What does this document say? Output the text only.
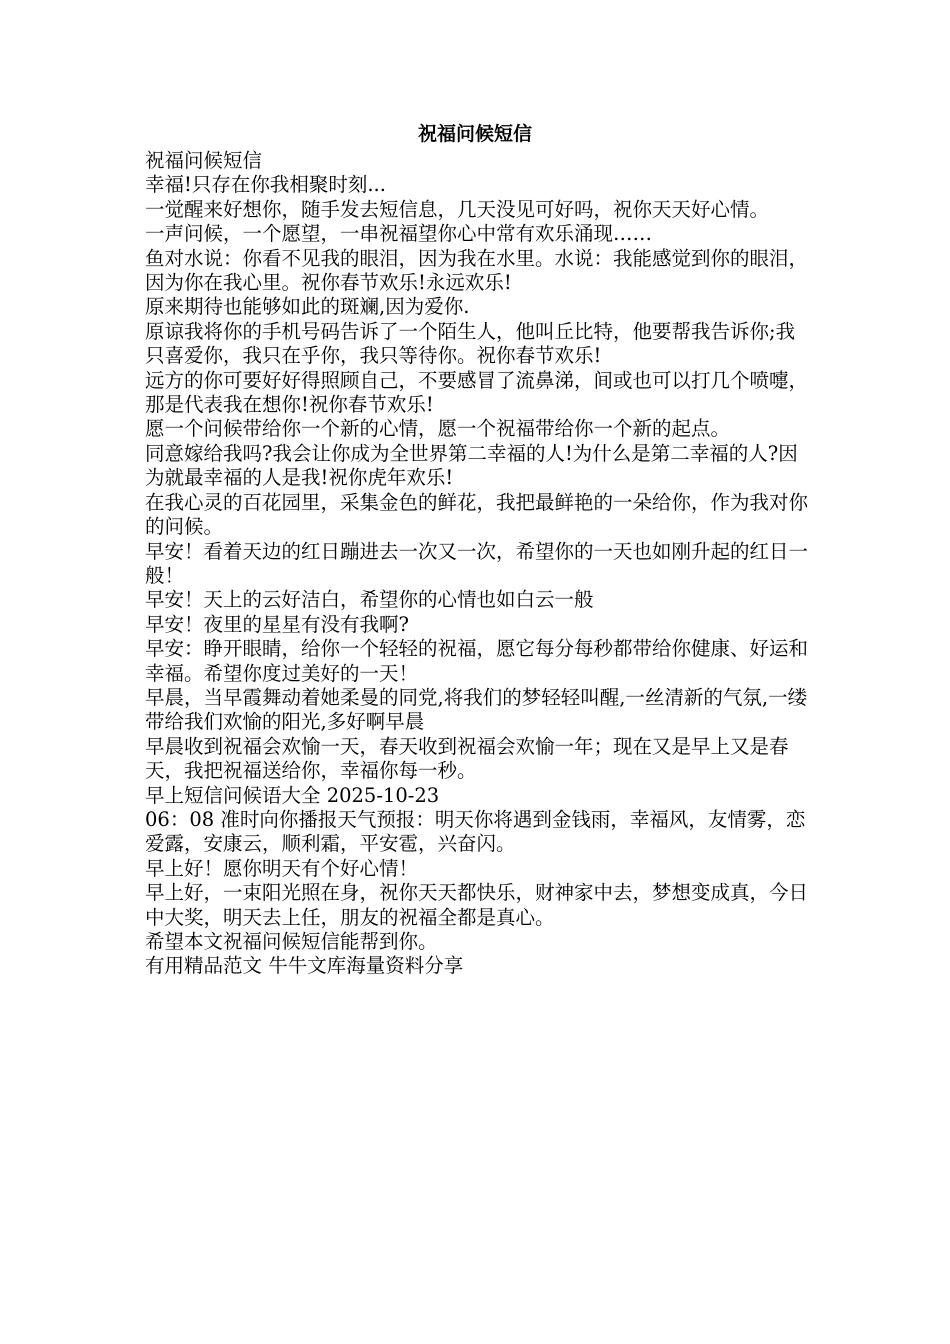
祝福问候短信

祝福问候短信

幸福!只存在你我相聚时刻...

一觉醒来好想你，随手发去短信息，几天没见可好吗，祝你天天好心情。

一声问候，一个愿望，一串祝福望你心中常有欢乐涌现……

鱼对水说：你看不见我的眼泪，因为我在水里。水说：我能感觉到你的眼泪，因为你在我心里。祝你春节欢乐!永远欢乐!

原来期待也能够如此的斑斓,因为爱你.

原谅我将你的手机号码告诉了一个陌生人，他叫丘比特，他要帮我告诉你;我只喜爱你，我只在乎你，我只等待你。祝你春节欢乐!

远方的你可要好好得照顾自己，不要感冒了流鼻涕，间或也可以打几个喷嚏，那是代表我在想你!祝你春节欢乐!

愿一个问候带给你一个新的心情，愿一个祝福带给你一个新的起点。

同意嫁给我吗?我会让你成为全世界第二幸福的人!为什么是第二幸福的人?因为就最幸福的人是我!祝你虎年欢乐!

在我心灵的百花园里，采集金色的鲜花，我把最鲜艳的一朵给你，作为我对你的问候。

早安！看着天边的红日蹦进去一次又一次，希望你的一天也如刚升起的红日一般！

早安！天上的云好洁白，希望你的心情也如白云一般

早安！夜里的星星有没有我啊?

早安：睁开眼睛，给你一个轻轻的祝福，愿它每分每秒都带给你健康、好运和幸福。希望你度过美好的一天！

早晨，当早霞舞动着她柔曼的同党,将我们的梦轻轻叫醒,一丝清新的气氛,一缕带给我们欢愉的阳光,多好啊早晨

早晨收到祝福会欢愉一天，春天收到祝福会欢愉一年；现在又是早上又是春天，我把祝福送给你，幸福你每一秒。

早上短信问候语大全 2025-10-23

06：08 准时向你播报天气预报：明天你将遇到金钱雨，幸福风，友情雾，恋爱露，安康云，顺利霜，平安雹，兴奋闪。

早上好！愿你明天有个好心情！

早上好，一束阳光照在身，祝你天天都快乐，财神家中去，梦想变成真，今日中大奖，明天去上任，朋友的祝福全都是真心。

希望本文祝福问候短信能帮到你。

有用精品范文 牛牛文库海量资料分享
